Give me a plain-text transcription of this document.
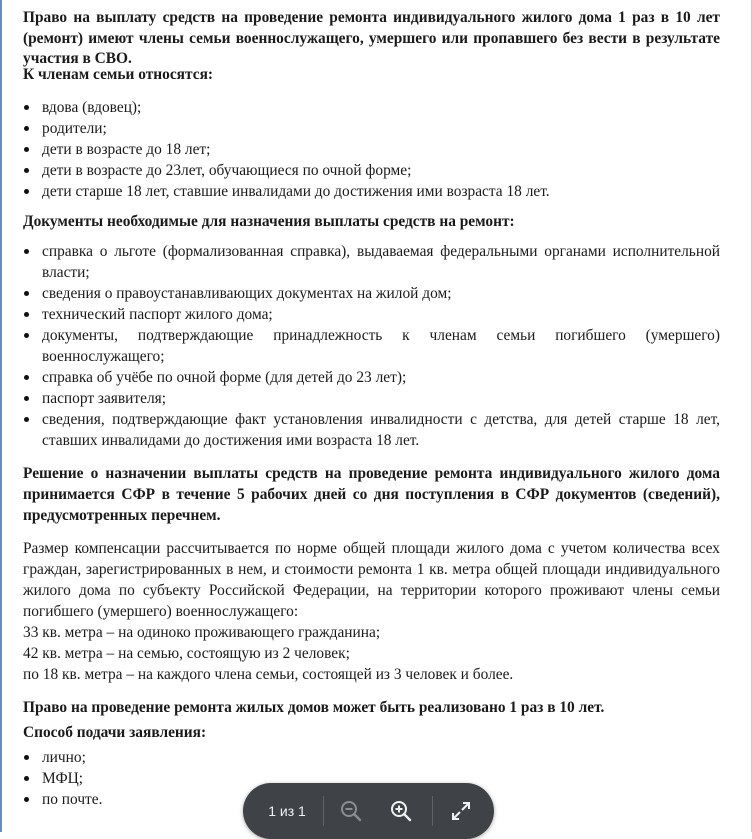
Право на выплату средств на проведение ремонта индивидуального жилого дома 1 раз в 10 лет (ремонт) имеют члены семьи военнослужащего, умершего или пропавшего без вести в результате участия в СВО.

К членам семьи относятся:

вдова (вдовец);
родители;
дети в возрасте до 18 лет;
дети в возрасте до 23лет, обучающиеся по очной форме;
дети старше 18 лет, ставшие инвалидами до достижения ими возраста 18 лет.

Документы необходимые для назначения выплаты средств на ремонт:

справка о льготе (формализованная справка), выдаваемая федеральными органами исполнительной власти;
сведения о правоустанавливающих документах на жилой дом;
технический паспорт жилого дома;
документы, подтверждающие принадлежность к членам семьи погибшего (умершего) военнослужащего;
справка об учёбе по очной форме (для детей до 23 лет);
паспорт заявителя;
сведения, подтверждающие факт установления инвалидности с детства, для детей старше 18 лет, ставших инвалидами до достижения ими возраста 18 лет.

Решение о назначении выплаты средств на проведение ремонта индивидуального жилого дома принимается СФР в течение 5 рабочих дней со дня поступления в СФР документов (сведений), предусмотренных перечнем.

Размер компенсации рассчитывается по норме общей площади жилого дома с учетом количества всех граждан, зарегистрированных в нем, и стоимости ремонта 1 кв. метра общей площади индивидуального жилого дома по субъекту Российской Федерации, на территории которого проживают члены семьи погибшего (умершего) военнослужащего:

33 кв. метра – на одиноко проживающего гражданина;

42 кв. метра – на семью, состоящую из 2 человек;

по 18 кв. метра – на каждого члена семьи, состоящей из 3 человек и более.

Право на проведение ремонта жилых домов может быть реализовано 1 раз в 10 лет.

Способ подачи заявления:

лично;
МФЦ;
по почте.
1 из 1
